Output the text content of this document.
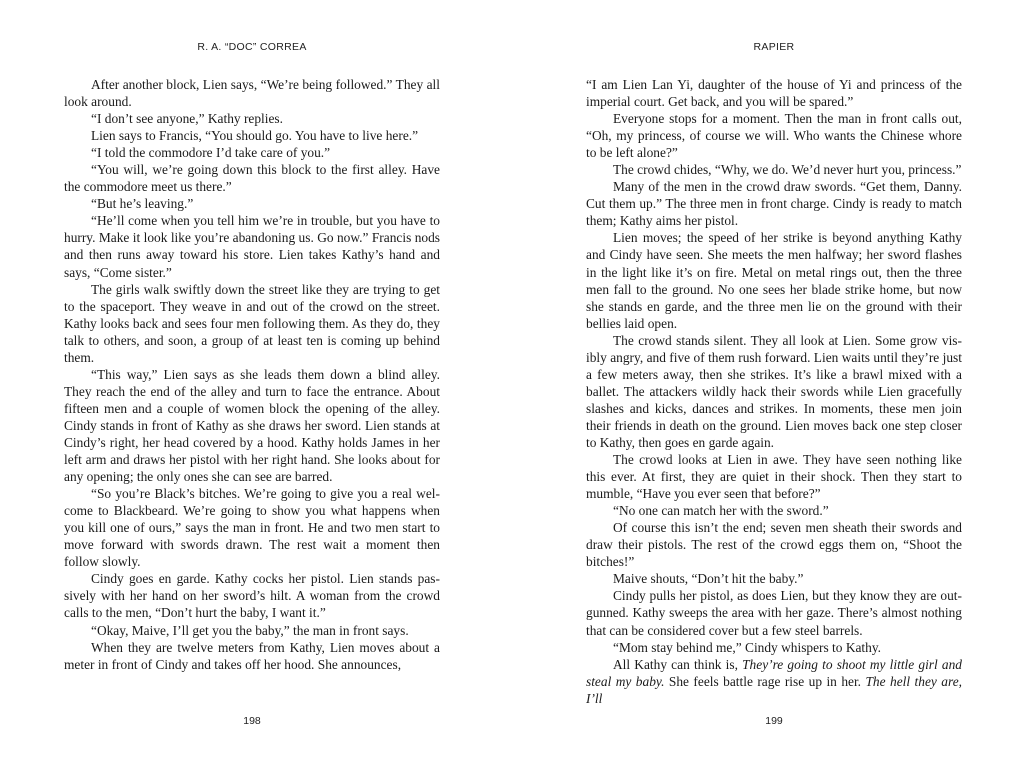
R. A. “DOC” CORREA

After another block, Lien says, “We’re being followed.” They all look around.

“I don’t see anyone,” Kathy replies.

Lien says to Francis, “You should go. You have to live here.”

“I told the commodore I’d take care of you.”

“You will, we’re going down this block to the first alley. Have the commodore meet us there.”

“But he’s leaving.”

“He’ll come when you tell him we’re in trouble, but you have to hurry. Make it look like you’re abandoning us. Go now.” Francis nods and then runs away toward his store. Lien takes Kathy’s hand and says, “Come sister.”

The girls walk swiftly down the street like they are trying to get to the spaceport. They weave in and out of the crowd on the street. Kathy looks back and sees four men following them. As they do, they talk to others, and soon, a group of at least ten is coming up behind them.

“This way,” Lien says as she leads them down a blind alley. They reach the end of the alley and turn to face the entrance. About fifteen men and a couple of women block the opening of the alley. Cindy stands in front of Kathy as she draws her sword. Lien stands at Cindy’s right, her head covered by a hood. Kathy holds James in her left arm and draws her pistol with her right hand. She looks about for any opening; the only ones she can see are barred.

“So you’re Black’s bitches. We’re going to give you a real welcome to Blackbeard. We’re going to show you what happens when you kill one of ours,” says the man in front. He and two men start to move forward with swords drawn. The rest wait a moment then follow slowly.

Cindy goes en garde. Kathy cocks her pistol. Lien stands passively with her hand on her sword’s hilt. A woman from the crowd calls to the men, “Don’t hurt the baby, I want it.”

“Okay, Maive, I’ll get you the baby,” the man in front says.

When they are twelve meters from Kathy, Lien moves about a meter in front of Cindy and takes off her hood. She announces,

198
RAPIER

“I am Lien Lan Yi, daughter of the house of Yi and princess of the imperial court. Get back, and you will be spared.”

Everyone stops for a moment. Then the man in front calls out, “Oh, my princess, of course we will. Who wants the Chinese whore to be left alone?”

The crowd chides, “Why, we do. We’d never hurt you, princess.”

Many of the men in the crowd draw swords. “Get them, Danny. Cut them up.” The three men in front charge. Cindy is ready to match them; Kathy aims her pistol.

Lien moves; the speed of her strike is beyond anything Kathy and Cindy have seen. She meets the men halfway; her sword flashes in the light like it’s on fire. Metal on metal rings out, then the three men fall to the ground. No one sees her blade strike home, but now she stands en garde, and the three men lie on the ground with their bellies laid open.

The crowd stands silent. They all look at Lien. Some grow visibly angry, and five of them rush forward. Lien waits until they’re just a few meters away, then she strikes. It’s like a brawl mixed with a ballet. The attackers wildly hack their swords while Lien gracefully slashes and kicks, dances and strikes. In moments, these men join their friends in death on the ground. Lien moves back one step closer to Kathy, then goes en garde again.

The crowd looks at Lien in awe. They have seen nothing like this ever. At first, they are quiet in their shock. Then they start to mumble, “Have you ever seen that before?”

“No one can match her with the sword.”

Of course this isn’t the end; seven men sheath their swords and draw their pistols. The rest of the crowd eggs them on, “Shoot the bitches!”

Maive shouts, “Don’t hit the baby.”

Cindy pulls her pistol, as does Lien, but they know they are outgunned. Kathy sweeps the area with her gaze. There’s almost nothing that can be considered cover but a few steel barrels.

“Mom stay behind me,” Cindy whispers to Kathy.

All Kathy can think is, They’re going to shoot my little girl and steal my baby. She feels battle rage rise up in her. The hell they are, I’ll

199
